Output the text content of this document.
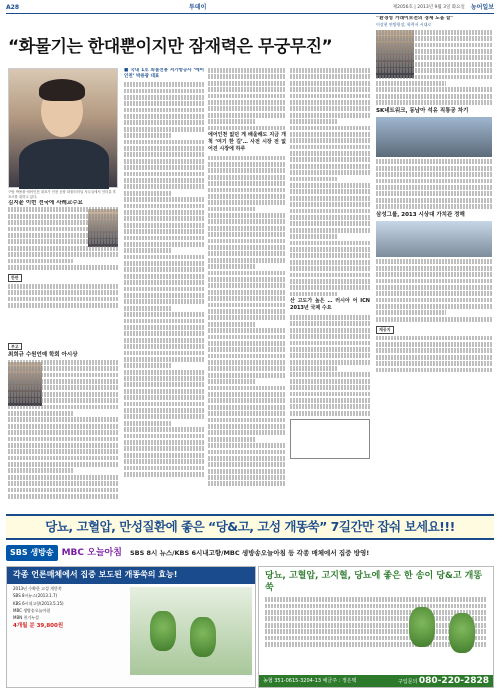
A28	투데이	제2056호 | 2013년 9월 3일 화요일 농어일보
“화물기는 한대뿐이지만 잠재력은 무궁무진”
구랍 박용광 에어인천 대표가 인천 공항 화물터미널 사무실에서 인터뷰 후 포즈를 취하고 있다.
■ 국내 1호 화물전용 저가항공사 ‘에어인천’ 박용광 대표
에어인천 없던 게 배울해도 지금 개척 ‘여기 한 길’… 사전 시장 전 없어진 시장에 하루
산 고도가 높은 … 러시아 어 ICN 2013년 국제 수요
김지윤 이번 전국에 사례교수요
한판
부고
최희규 수원언예 학회 아시상
“환경성 거래이보전의 경제 도움 끝”
이상현 연방원장, 학력서 시대로
SK네트워크, 동남아 석유 직통공 차기
삼성그룹, 2013 시상대 가치관 정해
재공지
당뇨, 고혈압, 만성질환에 좋은 “당&고, 고성 개똥쑥” 7길간만 잡숴 보세요!!!
SBS 생방송 MBC 오늘아침 SBS 8시 뉴스/KBS 6시내고향/MBC 생방송오늘아침 등 각종 매체에서 집중 방영!
각종 언론매체에서 집중 보도된 개똥쑥의 효능!
2013년 수확한 고성 개똥쑥
SBS 8시뉴스(2013.1.7)
KBS 6시내고향(2013.5.15)
MBC 생방송오늘아침
MBN 천기누설
4개월 분 39,800원
당뇨, 고혈압, 고지혈, 당뇨에 좋은 한 송이 당&고 개똥쑥
농협 351-0615-3204-13 예금주 : 정은택	구입문의 080-220-2828
